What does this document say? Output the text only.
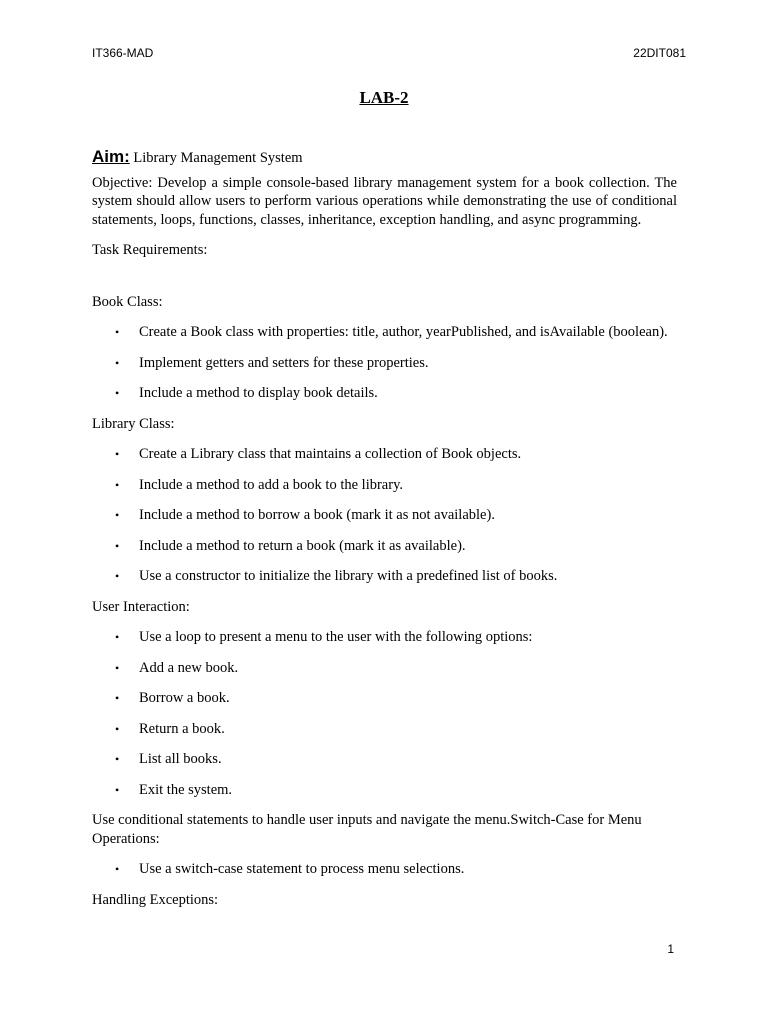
IT366-MAD	22DIT081
LAB-2

Aim: Library Management System

Objective: Develop a simple console-based library management system for a book collection. The system should allow users to perform various operations while demonstrating the use of conditional statements, loops, functions, classes, inheritance, exception handling, and async programming.

Task Requirements:

Book Class:

• Create a Book class with properties: title, author, yearPublished, and isAvailable (boolean).
• Implement getters and setters for these properties.
• Include a method to display book details.

Library Class:

• Create a Library class that maintains a collection of Book objects.
• Include a method to add a book to the library.
• Include a method to borrow a book (mark it as not available).
• Include a method to return a book (mark it as available).
• Use a constructor to initialize the library with a predefined list of books.

User Interaction:

• Use a loop to present a menu to the user with the following options:
• Add a new book.
• Borrow a book.
• Return a book.
• List all books.
• Exit the system.

Use conditional statements to handle user inputs and navigate the menu.Switch-Case for Menu Operations:

• Use a switch-case statement to process menu selections.

Handling Exceptions:

1
